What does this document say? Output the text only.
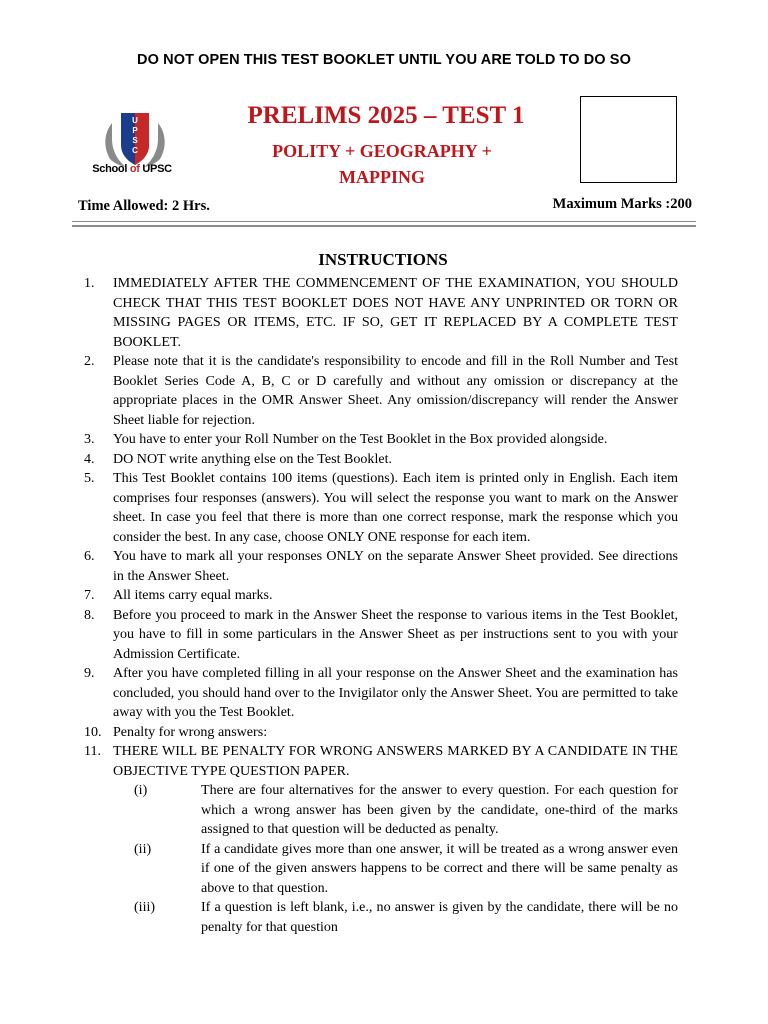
DO NOT OPEN THIS TEST BOOKLET UNTIL YOU ARE TOLD TO DO SO
U
P
S
C
School of UPSC
PRELIMS 2025 – TEST 1
POLITY + GEOGRAPHY + MAPPING
Time Allowed: 2 Hrs.	Maximum Marks :200
INSTRUCTIONS
1.	IMMEDIATELY AFTER THE COMMENCEMENT OF THE EXAMINATION, YOU SHOULD CHECK THAT THIS TEST BOOKLET DOES NOT HAVE ANY UNPRINTED OR TORN OR MISSING PAGES OR ITEMS, ETC. IF SO, GET IT REPLACED BY A COMPLETE TEST BOOKLET.
2.	Please note that it is the candidate's responsibility to encode and fill in the Roll Number and Test Booklet Series Code A, B, C or D carefully and without any omission or discrepancy at the appropriate places in the OMR Answer Sheet. Any omission/discrepancy will render the Answer Sheet liable for rejection.
3.	You have to enter your Roll Number on the Test Booklet in the Box provided alongside.
4.	DO NOT write anything else on the Test Booklet.
5.	This Test Booklet contains 100 items (questions). Each item is printed only in English. Each item comprises four responses (answers). You will select the response you want to mark on the Answer sheet. In case you feel that there is more than one correct response, mark the response which you consider the best. In any case, choose ONLY ONE response for each item.
6.	You have to mark all your responses ONLY on the separate Answer Sheet provided. See directions in the Answer Sheet.
7.	All items carry equal marks.
8.	Before you proceed to mark in the Answer Sheet the response to various items in the Test Booklet, you have to fill in some particulars in the Answer Sheet as per instructions sent to you with your Admission Certificate.
9.	After you have completed filling in all your response on the Answer Sheet and the examination has concluded, you should hand over to the Invigilator only the Answer Sheet. You are permitted to take away with you the Test Booklet.
10. Penalty for wrong answers:
11. THERE WILL BE PENALTY FOR WRONG ANSWERS MARKED BY A CANDIDATE IN THE OBJECTIVE TYPE QUESTION PAPER.
(i)	There are four alternatives for the answer to every question. For each question for which a wrong answer has been given by the candidate, one-third of the marks assigned to that question will be deducted as penalty.
(ii)	If a candidate gives more than one answer, it will be treated as a wrong answer even if one of the given answers happens to be correct and there will be same penalty as above to that question.
(iii)	If a question is left blank, i.e., no answer is given by the candidate, there will be no penalty for that question
